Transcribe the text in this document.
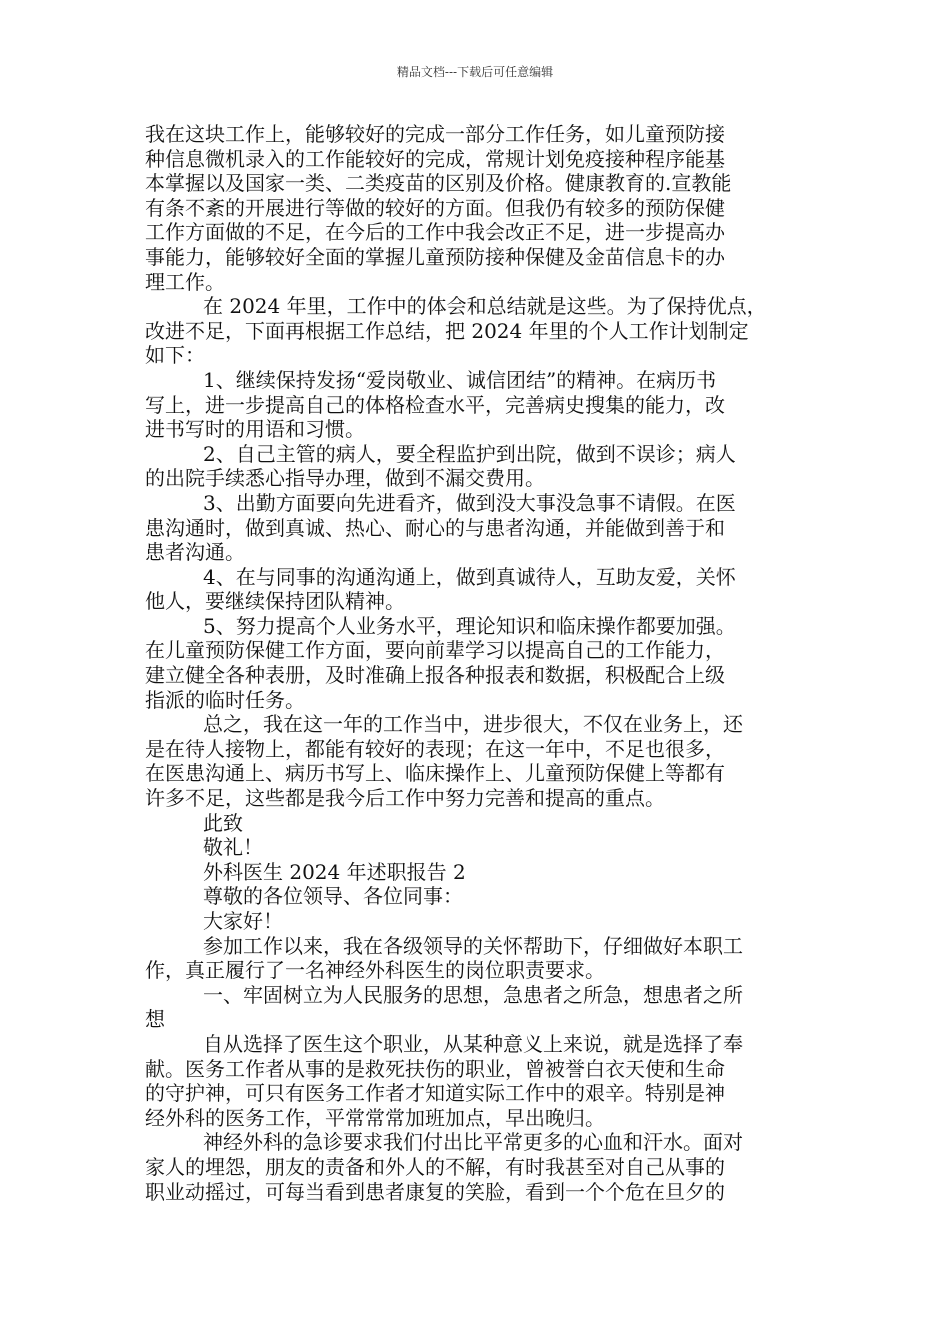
精品文档---下载后可任意编辑
我在这块工作上，能够较好的完成一部分工作任务，如儿童预防接
种信息微机录入的工作能较好的完成，常规计划免疫接种程序能基
本掌握以及国家一类、二类疫苗的区别及价格。健康教育的.宣教能
有条不紊的开展进行等做的较好的方面。但我仍有较多的预防保健
工作方面做的不足，在今后的工作中我会改正不足，进一步提高办
事能力，能够较好全面的掌握儿童预防接种保健及金苗信息卡的办
理工作。
在 2024 年里，工作中的体会和总结就是这些。为了保持优点，
改进不足，下面再根据工作总结，把 2024 年里的个人工作计划制定
如下：
1、继续保持发扬“爱岗敬业、诚信团结”的精神。在病历书
写上，进一步提高自己的体格检查水平，完善病史搜集的能力，改
进书写时的用语和习惯。
2、自己主管的病人，要全程监护到出院，做到不误诊；病人
的出院手续悉心指导办理，做到不漏交费用。
3、出勤方面要向先进看齐，做到没大事没急事不请假。在医
患沟通时，做到真诚、热心、耐心的与患者沟通，并能做到善于和
患者沟通。
4、在与同事的沟通沟通上，做到真诚待人，互助友爱，关怀
他人，要继续保持团队精神。
5、努力提高个人业务水平，理论知识和临床操作都要加强。
在儿童预防保健工作方面，要向前辈学习以提高自己的工作能力，
建立健全各种表册，及时准确上报各种报表和数据，积极配合上级
指派的临时任务。
总之，我在这一年的工作当中，进步很大，不仅在业务上，还
是在待人接物上，都能有较好的表现；在这一年中，不足也很多，
在医患沟通上、病历书写上、临床操作上、儿童预防保健上等都有
许多不足，这些都是我今后工作中努力完善和提高的重点。
此致
敬礼！
外科医生 2024 年述职报告 2
尊敬的各位领导、各位同事：
大家好！
参加工作以来，我在各级领导的关怀帮助下，仔细做好本职工
作，真正履行了一名神经外科医生的岗位职责要求。
一、牢固树立为人民服务的思想，急患者之所急，想患者之所
想
自从选择了医生这个职业，从某种意义上来说，就是选择了奉
献。医务工作者从事的是救死扶伤的职业，曾被誉白衣天使和生命
的守护神，可只有医务工作者才知道实际工作中的艰辛。特别是神
经外科的医务工作，平常常常加班加点，早出晚归。
神经外科的急诊要求我们付出比平常更多的心血和汗水。面对
家人的埋怨，朋友的责备和外人的不解，有时我甚至对自己从事的
职业动摇过，可每当看到患者康复的笑脸，看到一个个危在旦夕的
